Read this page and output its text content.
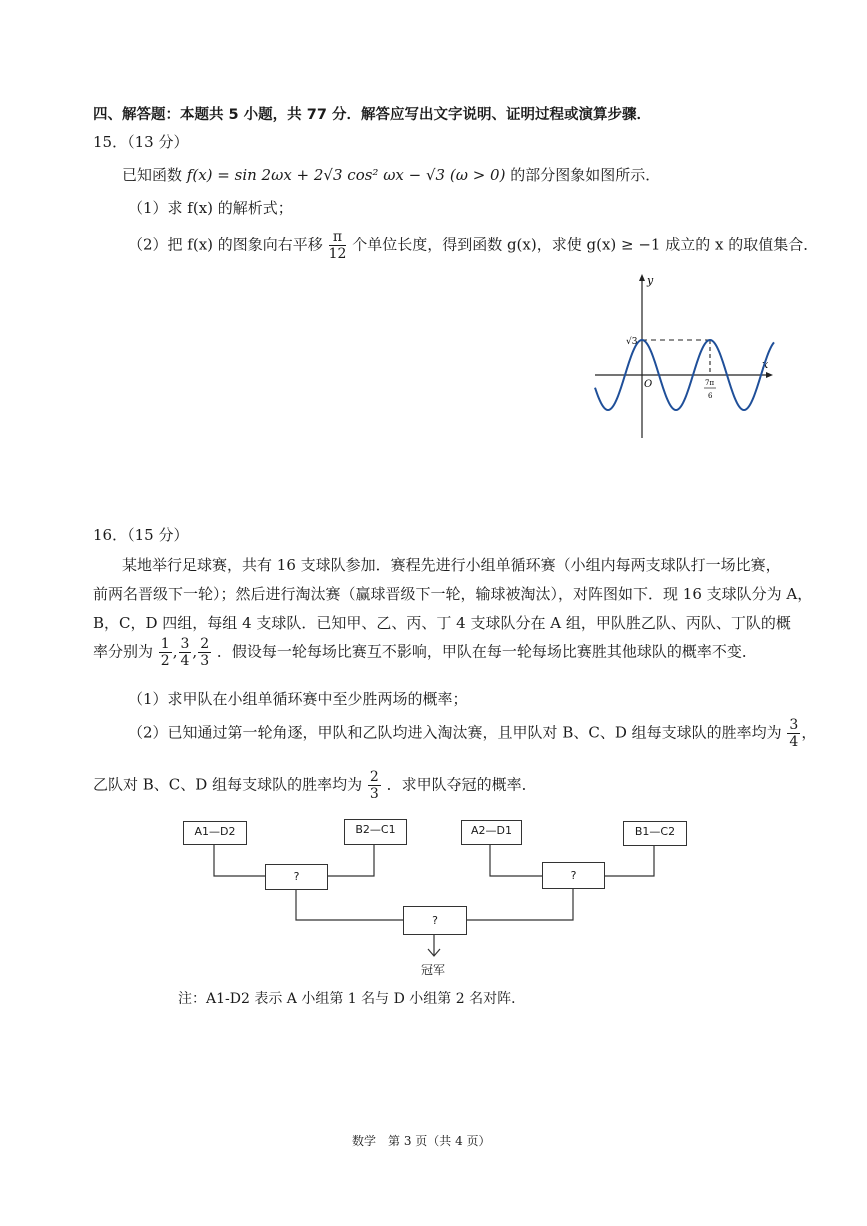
四、解答题：本题共 5 小题，共 77 分．解答应写出文字说明、证明过程或演算步骤．
15．（13 分）
已知函数 f(x) = sin 2ωx + 2√3 cos² ωx − √3 (ω > 0) 的部分图象如图所示．
（1）求 f(x) 的解析式；
（2）把 f(x) 的图象向右平移 $\frac{\pi}{12}$ 个单位长度，得到函数 g(x)，求使 g(x) ≥ −1 成立的 x 的取值集合．
y
x
O
√3
7π
6
16．（15 分）
某地举行足球赛，共有 16 支球队参加．赛程先进行小组单循环赛（小组内每两支球队打一场比赛，
前两名晋级下一轮）；然后进行淘汰赛（赢球晋级下一轮，输球被淘汰），对阵图如下．现 16 支球队分为 A，
B，C，D 四组，每组 4 支球队．已知甲、乙、丙、丁 4 支球队分在 A 组，甲队胜乙队、丙队、丁队的概
率分别为 $\frac{1}{2}$ , $\frac{3}{4}$ , $\frac{2}{3}$ ．假设每一轮每场比赛互不影响，甲队在每一轮每场比赛胜其他球队的概率不变．
（1）求甲队在小组单循环赛中至少胜两场的概率；
（2）已知通过第一轮角逐，甲队和乙队均进入淘汰赛，且甲队对 B、C、D 组每支球队的胜率均为 $\frac{3}{4}$ ，
乙队对 B、C、D 组每支球队的胜率均为 $\frac{2}{3}$ ．求甲队夺冠的概率．
A1—D2	B2—C1	A2—D1	B1—C2
?	?
?
冠军
注：A1-D2 表示 A 小组第 1 名与 D 小组第 2 名对阵．
数学　第 3 页（共 4 页）
